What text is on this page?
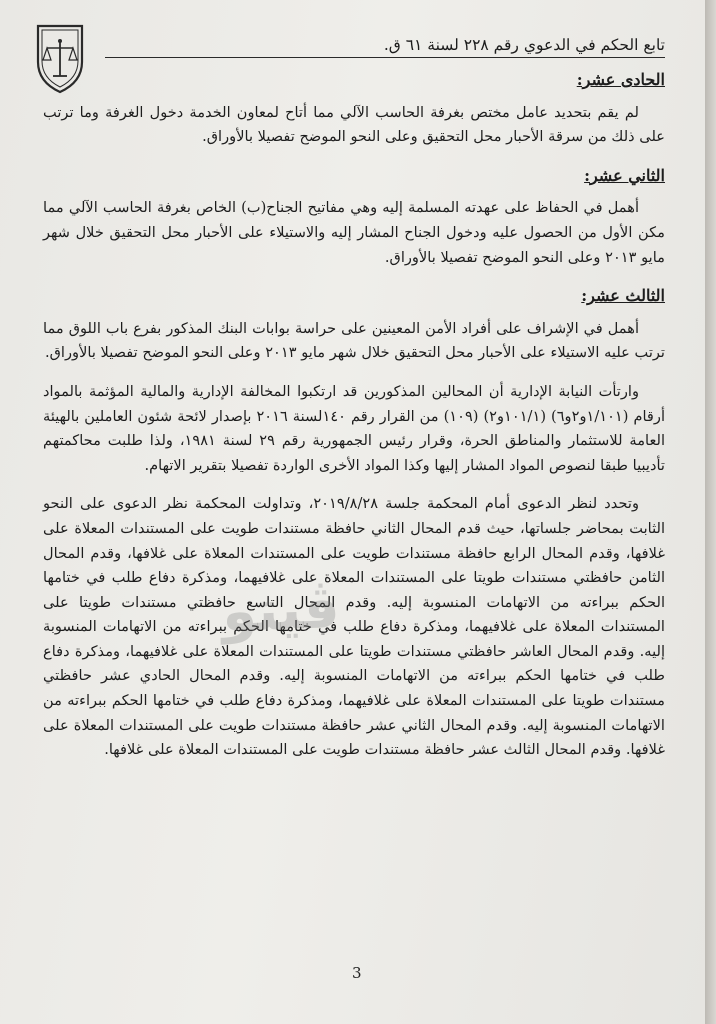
تابع الحكم في الدعوي رقم ٢٢٨ لسنة ٦١ ق.
الحادى عشر:

لم يقم بتحديد عامل مختص بغرفة الحاسب الآلي مما أتاح لمعاون الخدمة دخول الغرفة وما ترتب على ذلك من سرقة الأحبار محل التحقيق وعلى النحو الموضح تفصيلا بالأوراق.

الثاني عشر:

أهمل في الحفاظ على عهدته المسلمة إليه وهي مفاتيح الجناح(ب) الخاص بغرفة الحاسب الآلي مما مكن الأول من الحصول عليه ودخول الجناح المشار إليه والاستيلاء على الأحبار محل التحقيق خلال شهر مايو ٢٠١٣ وعلى النحو الموضح تفصيلا بالأوراق.

الثالث عشر:

أهمل في الإشراف على أفراد الأمن المعينين على حراسة بوابات البنك المذكور بفرع باب اللوق مما ترتب عليه الاستيلاء على الأحبار محل التحقيق خلال شهر مايو ٢٠١٣ وعلى النحو الموضح تفصيلا بالأوراق.

وارتأت النيابة الإدارية أن المحالين المذكورين قد ارتكبوا المخالفة الإدارية والمالية المؤثمة بالمواد أرقام (١/١٠١و٢و٦) (١٠١/١و٢) (١٠٩) من القرار رقم ١٤٠لسنة ٢٠١٦ بإصدار لائحة شئون العاملين بالهيئة العامة للاستثمار والمناطق الحرة، وقرار رئيس الجمهورية رقم ٢٩ لسنة ١٩٨١، ولذا طلبت محاكمتهم تأديبيا طبقا لنصوص المواد المشار إليها وكذا المواد الأخرى الواردة تفصيلا بتقرير الاتهام.

وتحدد لنظر الدعوى أمام المحكمة جلسة ٢٠١٩/٨/٢٨، وتداولت المحكمة نظر الدعوى على النحو الثابت بمحاضر جلساتها، حيث قدم المحال الثاني حافظة مستندات طويت على المستندات المعلاة على غلافها، وقدم المحال الرابع حافظة مستندات طويت على المستندات المعلاة على غلافها، وقدم المحال الثامن حافظتي مستندات طويتا على المستندات المعلاة على غلافيهما، ومذكرة دفاع طلب في ختامها الحكم ببراءته من الاتهامات المنسوبة إليه. وقدم المحال التاسع حافظتي مستندات طويتا على المستندات المعلاة على غلافيهما، ومذكرة دفاع طلب في ختامها الحكم ببراءته من الاتهامات المنسوبة إليه. وقدم المحال العاشر حافظتي مستندات طويتا على المستندات المعلاة على غلافيهما، ومذكرة دفاع طلب في ختامها الحكم ببراءته من الاتهامات المنسوبة إليه. وقدم المحال الحادي عشر حافظتي مستندات طويتا على المستندات المعلاة على غلافيهما، ومذكرة دفاع طلب في ختامها الحكم ببراءته من الاتهامات المنسوبة إليه. وقدم المحال الثاني عشر حافظة مستندات طويت على المستندات المعلاة على غلافها. وقدم المحال الثالث عشر حافظة مستندات طويت على المستندات المعلاة على غلافها.

ڤيتو
3
